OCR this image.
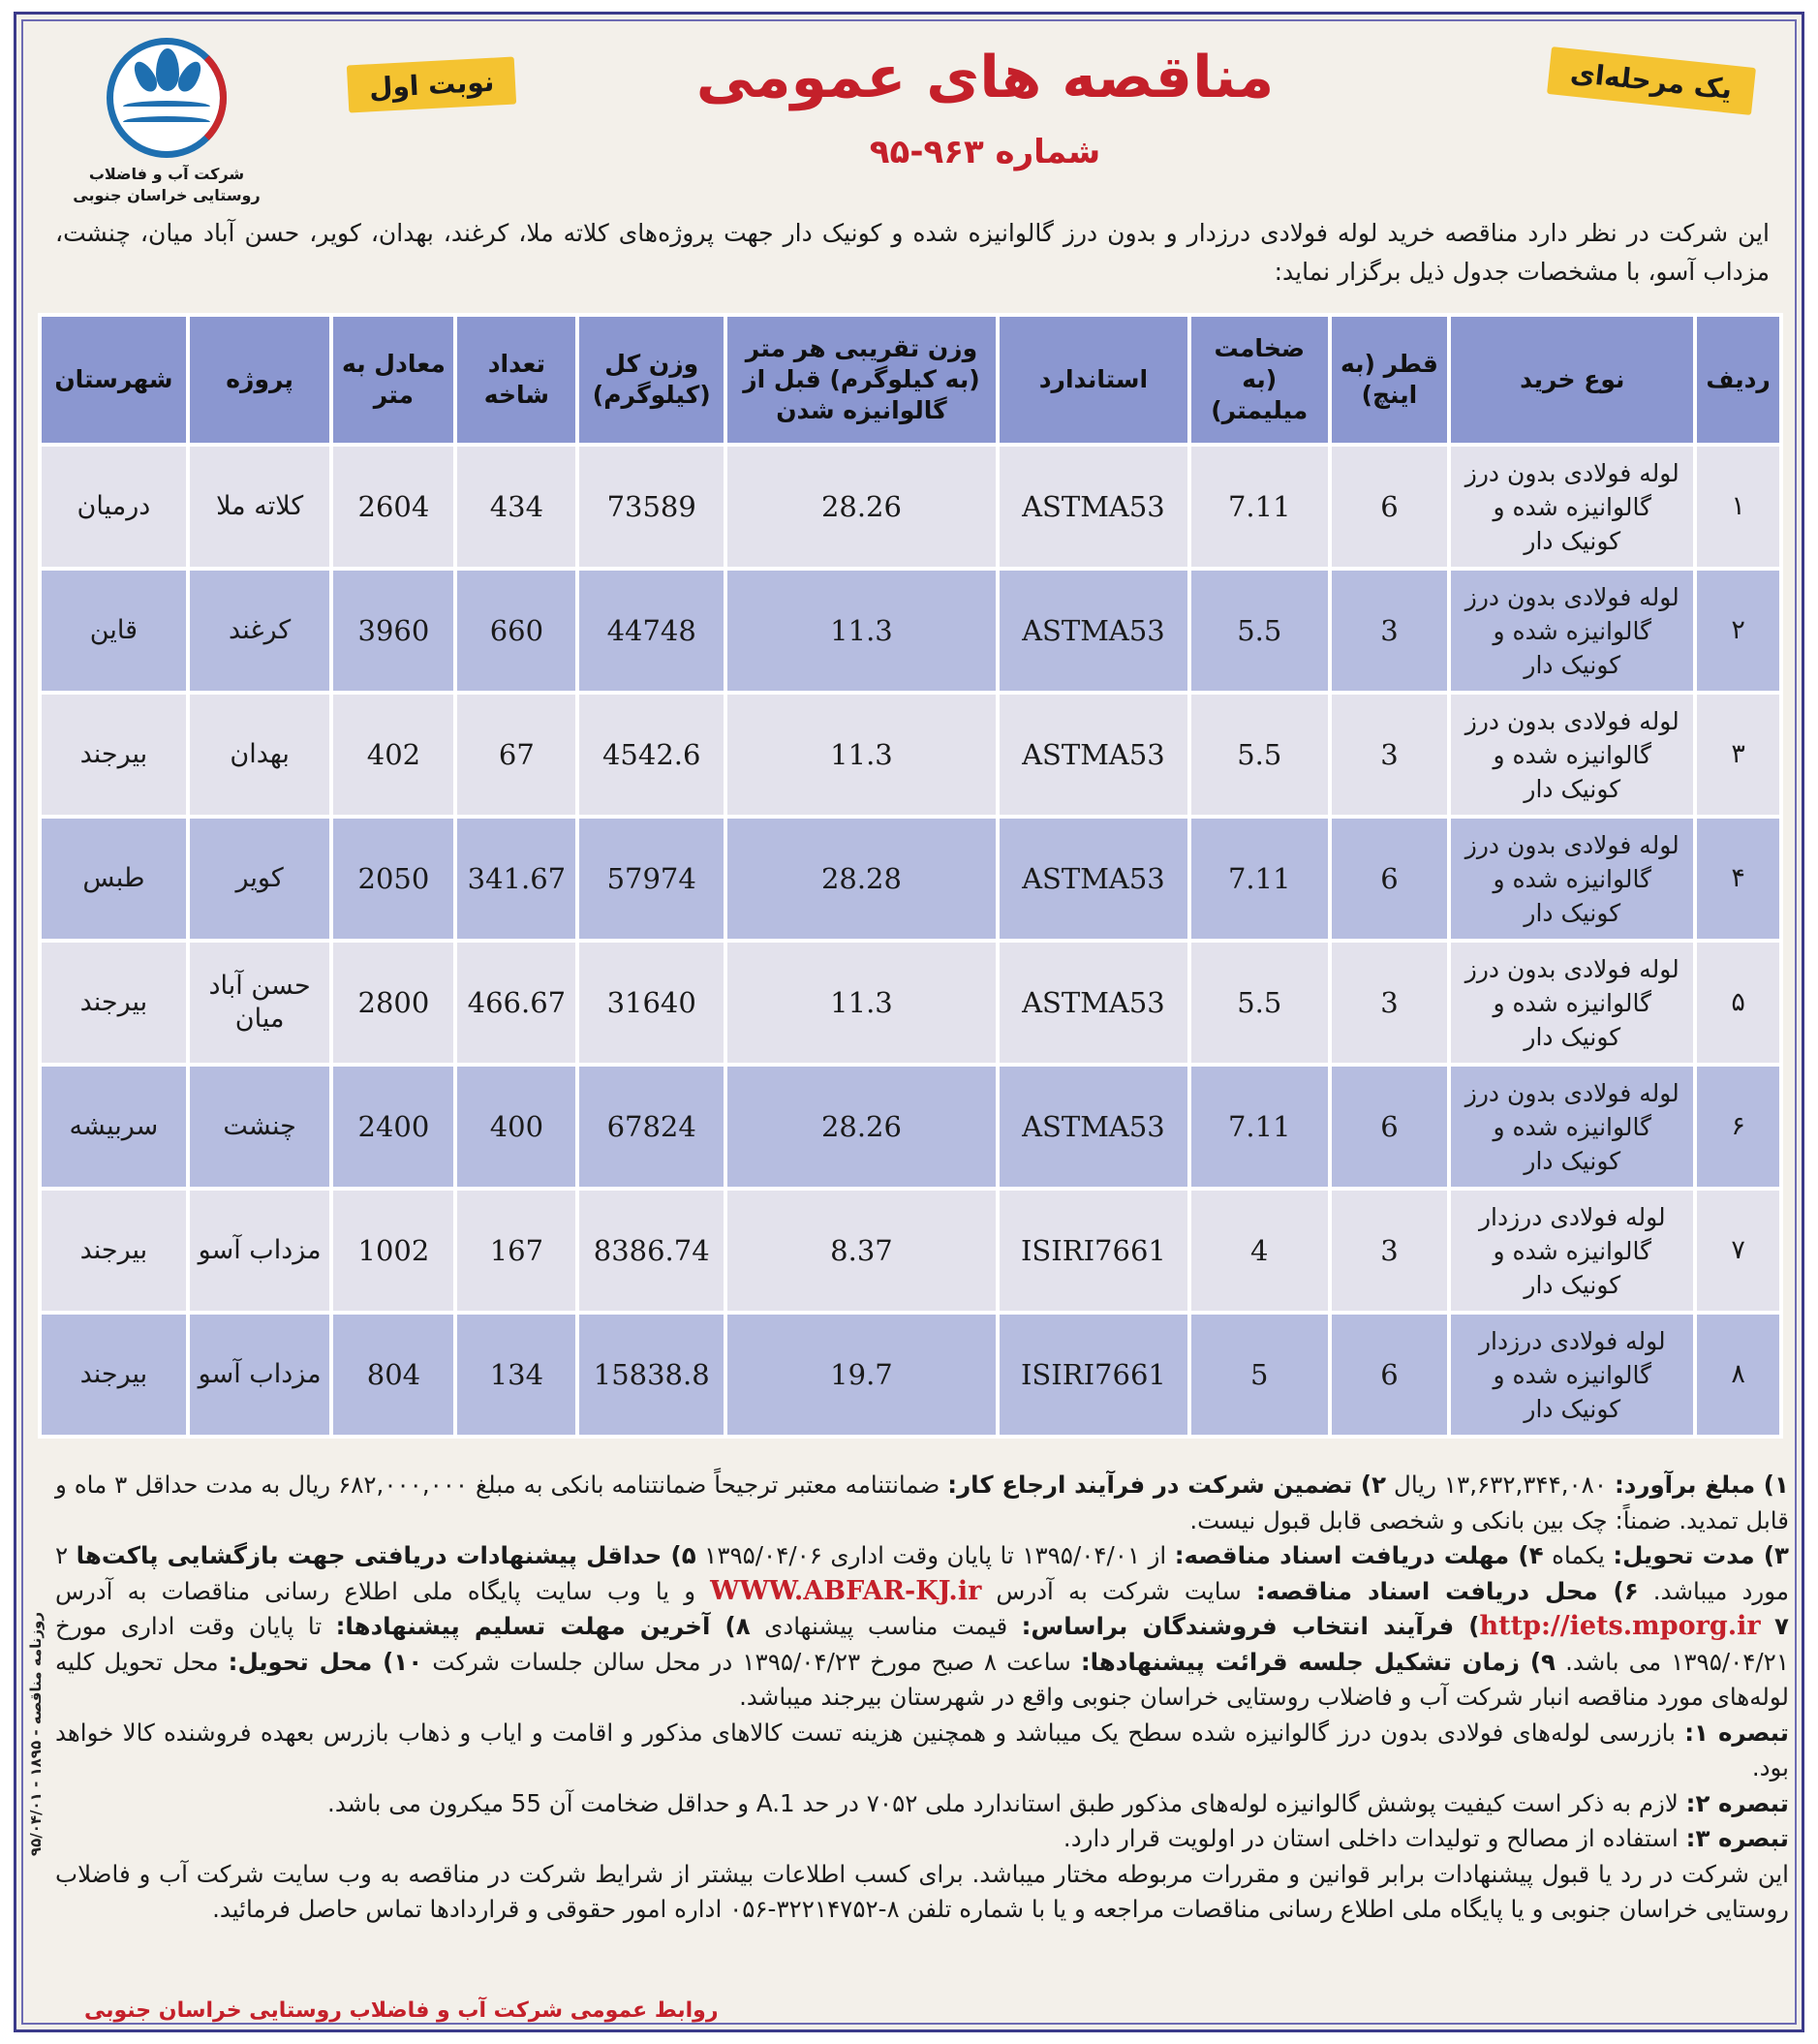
شرکت آب و فاضلاب روستایی خراسان جنوبی
نوبت اول	مناقصه های عمومی
شماره ۹۶۳-۹۵
یک مرحله‌ای
این شرکت در نظر دارد مناقصه خرید لوله فولادی درزدار و بدون درز گالوانیزه شده و کونیک دار جهت پروژه‌های کلاته ملا، کرغند، بهدان، کویر، حسن آباد میان، چنشت، مزداب آسو، با مشخصات جدول ذیل برگزار نماید:
ردیف	نوع خرید	قطر (به اینچ)	ضخامت (به میلیمتر)	استاندارد	وزن تقریبی هر متر (به کیلوگرم) قبل از گالوانیزه شدن	وزن کل (کیلوگرم)	تعداد شاخه	معادل به متر	پروژه	شهرستان
۱	لوله فولادی بدون درز گالوانیزه شده و کونیک دار	6	7.11	ASTMA53	28.26	73589	434	2604	کلاته ملا	درمیان
۲	لوله فولادی بدون درز گالوانیزه شده و کونیک دار	3	5.5	ASTMA53	11.3	44748	660	3960	کرغند	قاین
۳	لوله فولادی بدون درز گالوانیزه شده و کونیک دار	3	5.5	ASTMA53	11.3	4542.6	67	402	بهدان	بیرجند
۴	لوله فولادی بدون درز گالوانیزه شده و کونیک دار	6	7.11	ASTMA53	28.28	57974	341.67	2050	کویر	طبس
۵	لوله فولادی بدون درز گالوانیزه شده و کونیک دار	3	5.5	ASTMA53	11.3	31640	466.67	2800	حسن آباد میان	بیرجند
۶	لوله فولادی بدون درز گالوانیزه شده و کونیک دار	6	7.11	ASTMA53	28.26	67824	400	2400	چنشت	سربیشه
۷	لوله فولادی درزدار گالوانیزه شده و کونیک دار	3	4	ISIRI7661	8.37	8386.74	167	1002	مزداب آسو	بیرجند
۸	لوله فولادی درزدار گالوانیزه شده و کونیک دار	6	5	ISIRI7661	19.7	15838.8	134	804	مزداب آسو	بیرجند
۱) مبلغ برآورد: ۱۳,۶۳۲,۳۴۴,۰۸۰ ریال ۲) تضمین شرکت در فرآیند ارجاع کار: ضمانتنامه معتبر ترجیحاً ضمانتنامه بانکی به مبلغ ۶۸۲,۰۰۰,۰۰۰ ریال به مدت حداقل ۳ ماه و قابل تمدید. ضمناً: چک بین بانکی و شخصی قابل قبول نیست.
۳) مدت تحویل: یکماه ۴) مهلت دریافت اسناد مناقصه: از ۱۳۹۵/۰۴/۰۱ تا پایان وقت اداری ۱۳۹۵/۰۴/۰۶ ۵) حداقل پیشنهادات دریافتی جهت بازگشایی پاکت‌ها ۲ مورد میباشد. ۶) محل دریافت اسناد مناقصه: سایت شرکت به آدرس WWW.ABFAR-KJ.ir و یا وب سایت پایگاه ملی اطلاع رسانی مناقصات به آدرس http://iets.mporg.ir ۷) فرآیند انتخاب فروشندگان براساس: قیمت مناسب پیشنهادی ۸) آخرین مهلت تسلیم پیشنهادها: تا پایان وقت اداری مورخ ۱۳۹۵/۰۴/۲۱ می باشد. ۹) زمان تشکیل جلسه قرائت پیشنهادها: ساعت ۸ صبح مورخ ۱۳۹۵/۰۴/۲۳ در محل سالن جلسات شرکت ۱۰) محل تحویل: محل تحویل کلیه لوله‌های مورد مناقصه انبار شرکت آب و فاضلاب روستایی خراسان جنوبی واقع در شهرستان بیرجند میباشد.
تبصره ۱: بازرسی لوله‌های فولادی بدون درز گالوانیزه شده سطح یک میباشد و همچنین هزینه تست کالاهای مذکور و اقامت و ایاب و ذهاب بازرس بعهده فروشنده کالا خواهد بود.
تبصره ۲: لازم به ذکر است کیفیت پوشش گالوانیزه لوله‌های مذکور طبق استاندارد ملی ۷۰۵۲ در حد A.1 و حداقل ضخامت آن 55 میکرون می باشد.
تبصره ۳: استفاده از مصالح و تولیدات داخلی استان در اولویت قرار دارد.
این شرکت در رد یا قبول پیشنهادات برابر قوانین و مقررات مربوطه مختار میباشد. برای کسب اطلاعات بیشتر از شرایط شرکت در مناقصه به وب سایت شرکت آب و فاضلاب روستایی خراسان جنوبی و یا پایگاه ملی اطلاع رسانی مناقصات مراجعه و یا با شماره تلفن ۸-۳۲۲۱۴۷۵۲-۰۵۶ اداره امور حقوقی و قراردادها تماس حاصل فرمائید.
روابط عمومی شرکت آب و فاضلاب روستایی خراسان جنوبی
روزنامه مناقصه - ۱۸۹۵ - ۹۵/۰۴/۰۱
